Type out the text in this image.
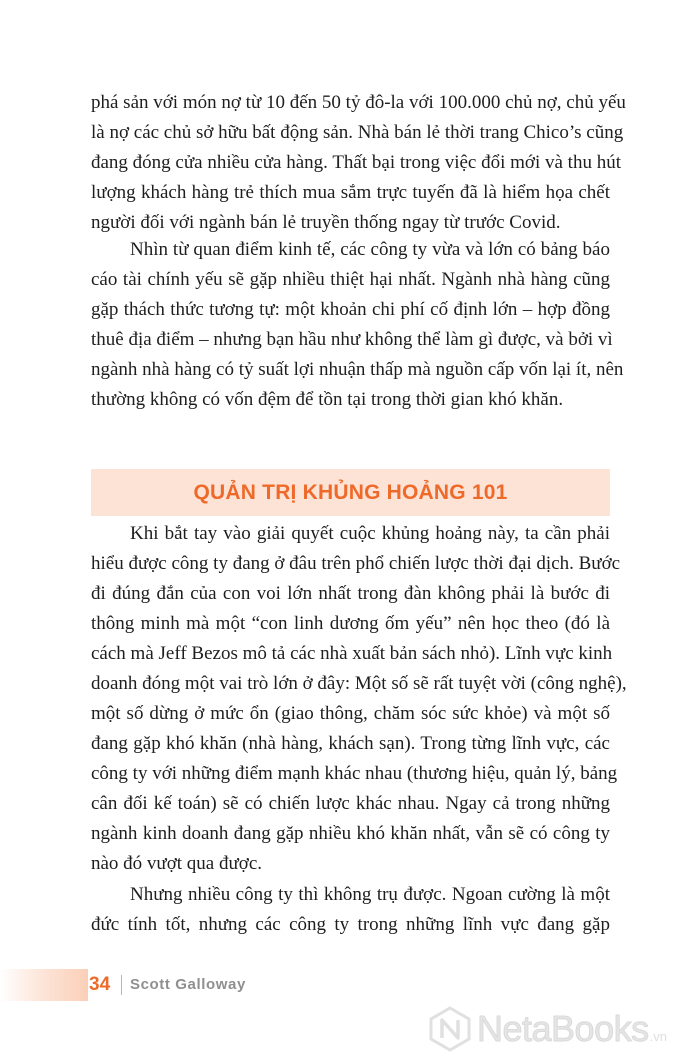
phá sản với món nợ từ 10 đến 50 tỷ đô-la với 100.000 chủ nợ, chủ yếu
là nợ các chủ sở hữu bất động sản. Nhà bán lẻ thời trang Chico’s cũng
đang đóng cửa nhiều cửa hàng. Thất bại trong việc đổi mới và thu hút
lượng khách hàng trẻ thích mua sắm trực tuyến đã là hiểm họa chết
người đối với ngành bán lẻ truyền thống ngay từ trước Covid.
Nhìn từ quan điểm kinh tế, các công ty vừa và lớn có bảng báo
cáo tài chính yếu sẽ gặp nhiều thiệt hại nhất. Ngành nhà hàng cũng
gặp thách thức tương tự: một khoản chi phí cố định lớn – hợp đồng
thuê địa điểm – nhưng bạn hầu như không thể làm gì được, và bởi vì
ngành nhà hàng có tỷ suất lợi nhuận thấp mà nguồn cấp vốn lại ít, nên
thường không có vốn đệm để tồn tại trong thời gian khó khăn.
QUẢN TRỊ KHỦNG HOẢNG 101
Khi bắt tay vào giải quyết cuộc khủng hoảng này, ta cần phải
hiểu được công ty đang ở đâu trên phổ chiến lược thời đại dịch. Bước
đi đúng đắn của con voi lớn nhất trong đàn không phải là bước đi
thông minh mà một “con linh dương ốm yếu” nên học theo (đó là
cách mà Jeff Bezos mô tả các nhà xuất bản sách nhỏ). Lĩnh vực kinh
doanh đóng một vai trò lớn ở đây: Một số sẽ rất tuyệt vời (công nghệ),
một số dừng ở mức ổn (giao thông, chăm sóc sức khỏe) và một số
đang gặp khó khăn (nhà hàng, khách sạn). Trong từng lĩnh vực, các
công ty với những điểm mạnh khác nhau (thương hiệu, quản lý, bảng
cân đối kế toán) sẽ có chiến lược khác nhau. Ngay cả trong những
ngành kinh doanh đang gặp nhiều khó khăn nhất, vẫn sẽ có công ty
nào đó vượt qua được.
Nhưng nhiều công ty thì không trụ được. Ngoan cường là một
đức tính tốt, nhưng các công ty trong những lĩnh vực đang gặp
34 Scott Galloway
NetaBooks .vn
